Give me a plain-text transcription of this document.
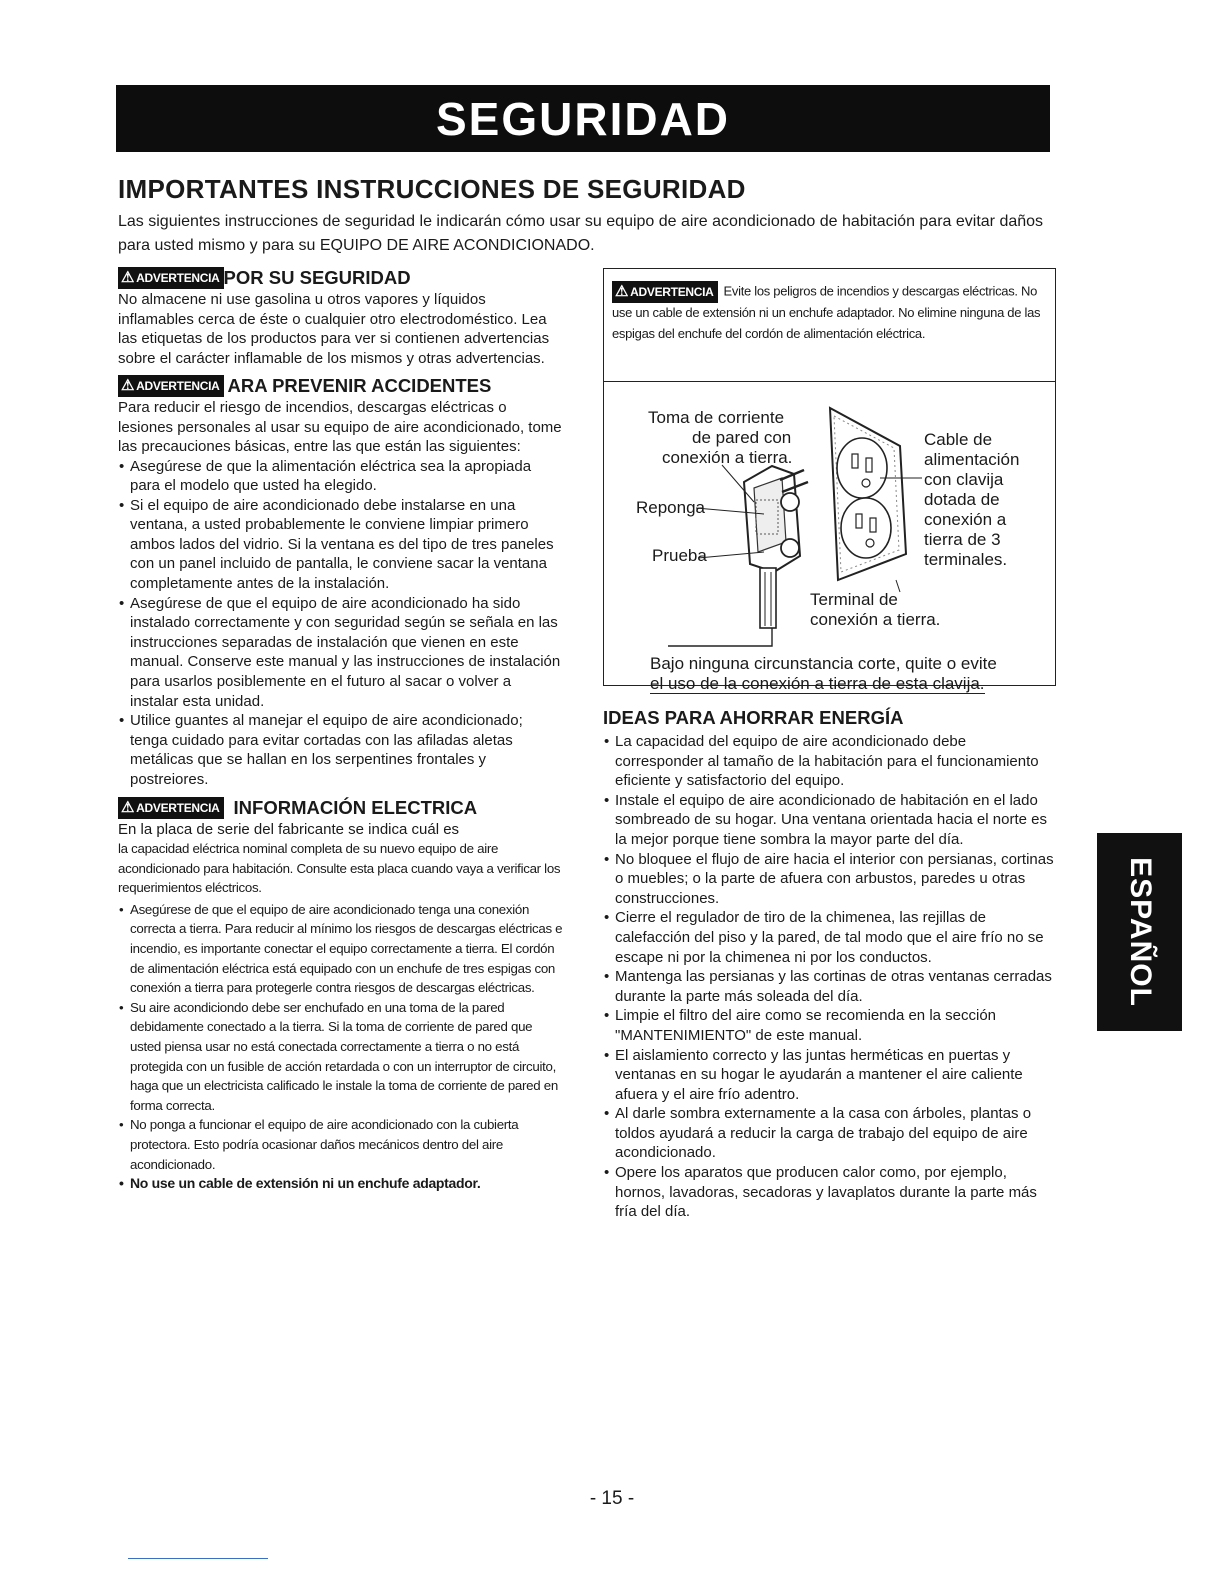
SEGURIDAD
IMPORTANTES INSTRUCCIONES DE SEGURIDAD

Las siguientes instrucciones de seguridad le indicarán cómo usar su equipo de aire acondicionado de habitación para evitar daños para usted mismo y para su EQUIPO DE AIRE ACONDICIONADO.

⚠ ADVERTENCIA POR SU SEGURIDAD

No almacene ni use gasolina u otros vapores y líquidos inflamables cerca de éste o cualquier otro electrodoméstico. Lea las etiquetas de los productos para ver si contienen advertencias sobre el carácter inflamable de los mismos y otras advertencias.

⚠ ADVERTENCIA ARA PREVENIR ACCIDENTES

Para reducir el riesgo de incendios, descargas eléctricas o lesiones personales al usar su equipo de aire acondicionado, tome las precauciones básicas, entre las que están las siguientes:

• Asegúrese de que la alimentación eléctrica sea la apropiada para el modelo que usted ha elegido.
• Si el equipo de aire acondicionado debe instalarse en una ventana, a usted probablemente le conviene limpiar primero ambos lados del vidrio. Si la ventana es del tipo de tres paneles con un panel incluido de pantalla, le conviene sacar la ventana completamente antes de la instalación.
• Asegúrese de que el equipo de aire acondicionado ha sido instalado correctamente y con seguridad según se señala en las instrucciones separadas de instalación que vienen en este manual. Conserve este manual y las instrucciones de instalación para usarlos posiblemente en el futuro al sacar o volver a instalar esta unidad.
• Utilice guantes al manejar el equipo de aire acondicionado; tenga cuidado para evitar cortadas con las afiladas aletas metálicas que se hallan en los serpentines frontales y postreiores.
⚠ ADVERTENCIA INFORMACIÓN ELECTRICA

En la placa de serie del fabricante se indica cuál es

la capacidad eléctrica nominal completa de su nuevo equipo de aire acondicionado para habitación. Consulte esta placa cuando vaya a verificar los requerimientos eléctricos.

• Asegúrese de que el equipo de aire acondicionado tenga una conexión correcta a tierra. Para reducir al mínimo los riesgos de descargas eléctricas e incendio, es importante conectar el equipo correctamente a tierra. El cordón de alimentación eléctrica está equipado con un enchufe de tres espigas con conexión a tierra para protegerle contra riesgos de descargas eléctricas.
• Su aire acondiciondo debe ser enchufado en una toma de la pared debidamente conectado a la tierra. Si la toma de corriente de pared que usted piensa usar no está conectada correctamente a tierra o no está protegida con un fusible de acción retardada o con un interruptor de circuito, haga que un electricista calificado le instale la toma de corriente de pared en forma correcta.
• No ponga a funcionar el equipo de aire acondicionado con la cubierta protectora. Esto podría ocasionar daños mecánicos dentro del aire acondicionado.
• No use un cable de extensión ni un enchufe adaptador.
⚠ ADVERTENCIA Evite los peligros de incendios y descargas eléctricas. No use un cable de extensión ni un enchufe adaptador. No elimine ninguna de las espigas del enchufe del cordón de alimentación eléctrica.
Toma de corriente
de pared con
conexión a tierra.
Reponga
Prueba
Cable de
alimentación
con clavija
dotada de
conexión a
tierra de 3
terminales.
Terminal de
conexión a tierra.
Bajo ninguna circunstancia corte, quite o evite
el uso de la conexión a tierra de esta clavija.
IDEAS PARA AHORRAR ENERGÍA
• La capacidad del equipo de aire acondicionado debe corresponder al tamaño de la habitación para el funcionamiento eficiente y satisfactorio del equipo.
• Instale el equipo de aire acondicionado de habitación en el lado sombreado de su hogar. Una ventana orientada hacia el norte es la mejor porque tiene sombra la mayor parte del día.
• No bloquee el flujo de aire hacia el interior con persianas, cortinas o muebles; o la parte de afuera con arbustos, paredes u otras construcciones.
• Cierre el regulador de tiro de la chimenea, las rejillas de calefacción del piso y la pared, de tal modo que el aire frío no se escape ni por la chimenea ni por los conductos.
• Mantenga las persianas y las cortinas de otras ventanas cerradas durante la parte más soleada del día.
• Limpie el filtro del aire como se recomienda en la sección "MANTENIMIENTO" de este manual.
• El aislamiento correcto y las juntas herméticas en puertas y ventanas en su hogar le ayudarán a mantener el aire caliente afuera y el aire frío adentro.
• Al darle sombra externamente a la casa con árboles, plantas o toldos ayudará a reducir la carga de trabajo del equipo de aire acondicionado.
• Opere los aparatos que producen calor como, por ejemplo, hornos, lavadoras, secadoras y lavaplatos durante la parte más fría del día.
ESPAÑOL
- 15 -
